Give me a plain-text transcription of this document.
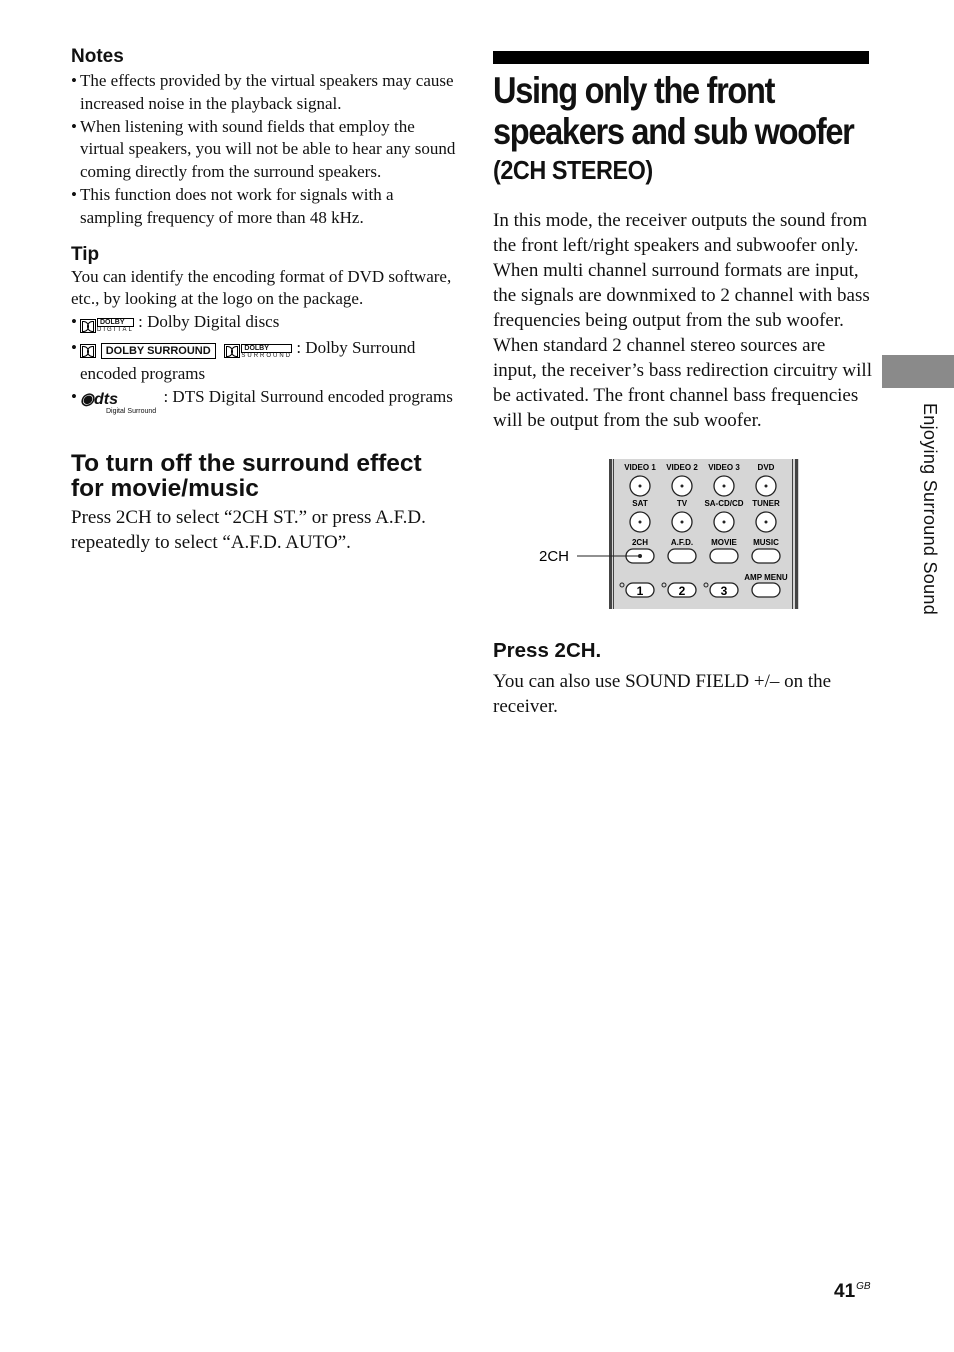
Notes
• The effects provided by the virtual speakers may cause increased noise in the playback signal.
• When listening with sound fields that employ the virtual speakers, you will not be able to hear any sound coming directly from the surround speakers.
• This function does not work for signals with a sampling frequency of more than 48 kHz.
Tip
You can identify the encoding format of DVD software, etc., by looking at the logo on the package.
• DOLBY
DIGITAL : Dolby Digital discs
•  DOLBY SURROUND	DOLBY
SURROUND : Dolby Surround encoded programs
• ◉dts
Digital Surround
: DTS Digital Surround encoded programs
To turn off the surround effect for movie/music
Press 2CH to select “2CH ST.” or press A.F.D. repeatedly to select “A.F.D. AUTO”.
Using only the front speakers and sub woofer
(2CH STEREO)
In this mode, the receiver outputs the sound from the front left/right speakers and subwoofer only.
When multi channel surround formats are input, the signals are downmixed to 2 channel with bass frequencies being output from the sub woofer.
When standard 2 channel stereo sources are input, the receiver’s bass redirection circuitry will be activated. The front channel bass frequencies will be output from the sub woofer.
VIDEO 1 VIDEO 2 VIDEO 3 DVD
SAT	TV SA-CD/CD TUNER
2CH	A.F.D. MOVIE MUSIC
2CH
AMP MENU
1	2	3
Press 2CH.
You can also use SOUND FIELD +/– on the receiver.
Enjoying Surround Sound
$41^{GB}$
